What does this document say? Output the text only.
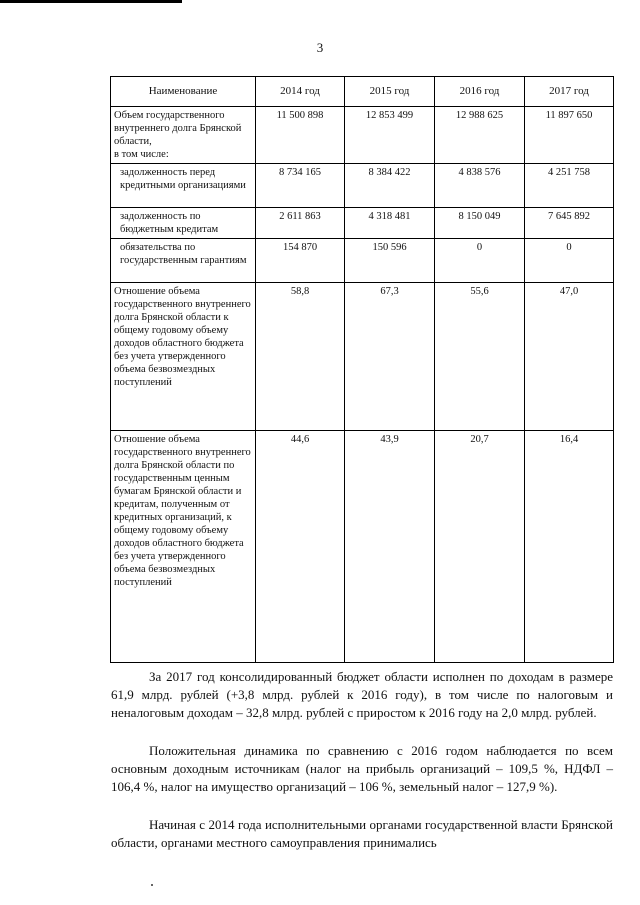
3
Наименование	2014 год	2015 год	2016 год	2017 год
Объем государственного внутреннего долга Брянской области,
в том числе:	11 500 898	12 853 499	12 988 625	11 897 650

задолженность перед кредитными организациями	8 734 165	8 384 422	4 838 576	4 251 758

задолженность по бюджетным кредитам	2 611 863	4 318 481	8 150 049	7 645 892

обязательства по государственным гарантиям	154 870	150 596	0	0
Отношение объема государственного внутреннего долга Брянской области к общему годовому объему доходов областного бюджета без учета утвержденного объема безвозмездных поступлений	58,8	67,3	55,6	47,0
Отношение объема государственного внутреннего долга Брянской области по государственным ценным бумагам Брянской области и кредитам, полученным от кредитных организаций, к общему годовому объему доходов областного бюджета без учета утвержденного объема безвозмездных поступлений	44,6	43,9	20,7	16,4

За 2017 год консолидированный бюджет области исполнен по доходам в размере 61,9 млрд. рублей (+3,8 млрд. рублей к 2016 году), в том числе по налоговым и неналоговым доходам – 32,8 млрд. рублей с приростом к 2016 году на 2,0 млрд. рублей.

Положительная динамика по сравнению с 2016 годом наблюдается по всем основным доходным источникам (налог на прибыль организаций – 109,5 %, НДФЛ – 106,4 %, налог на имущество организаций – 106 %, земельный налог – 127,9 %).

Начиная с 2014 года исполнительными органами государственной власти Брянской области, органами местного самоуправления принимались
